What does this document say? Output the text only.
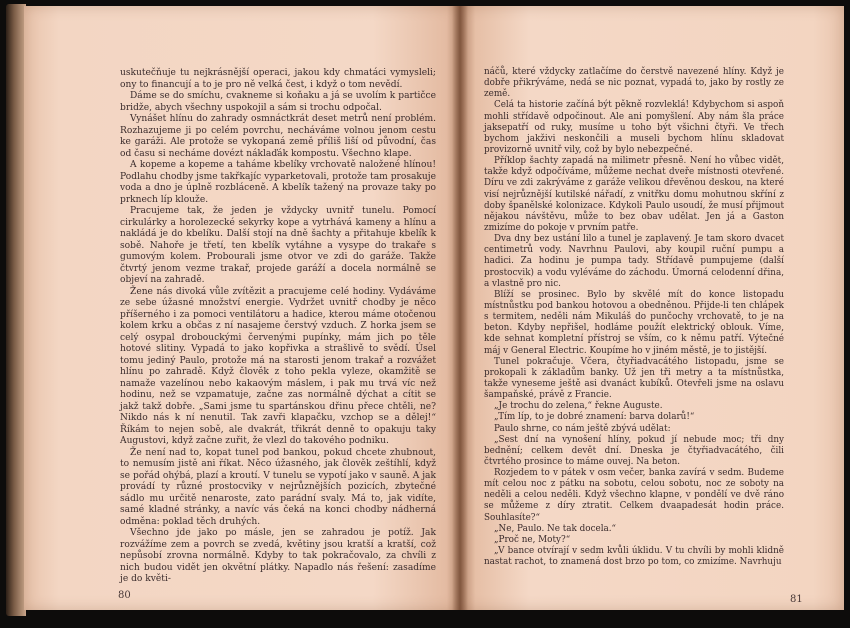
uskutečňuje tu nejkrásnější operaci, jakou kdy chmatáci vymysleli; ony to financují a to je pro ně velká čest, i když o tom nevědí.

Dáme se do smíchu, cvakneme si koňaku a já se uvolím k partičce bridže, abych všechny uspokojil a sám si trochu odpočal.

Vynášet hlínu do zahrady osmnáctkrát deset metrů není problém. Rozhazujeme ji po celém povrchu, necháváme volnou jenom cestu ke garáži. Ale protože se vykopaná země příliš liší od původní, čas od času si necháme dovézt náklaďák kompostu. Všechno klape.

A kopeme a kopeme a taháme kbelíky vrchovatě naložené hlínou! Podlahu chodby jsme takřkajíc vyparketovali, protože tam prosakuje voda a dno je úplně rozbláceně. A kbelík tažený na provaze taky po prknech líp klouže.

Pracujeme tak, že jeden je vždycky uvnitř tunelu. Pomocí cirkulárky a horolezecké sekyrky kope a vytrhává kameny a hlínu a nakládá je do kbelíku. Další stojí na dně šachty a přitahuje kbelík k sobě. Nahoře je třetí, ten kbelík vytáhne a vysype do trakaře s gumovým kolem. Probourali jsme otvor ve zdi do garáže. Takže čtvrtý jenom vezme trakař, projede garáží a docela normálně se objeví na zahradě.

Žene nás divoká vůle zvítězit a pracujeme celé hodiny. Vydáváme ze sebe úžasné množství energie. Vydržet uvnitř chodby je něco příšerného i za pomoci ventilátoru a hadice, kterou máme otočenou kolem krku a občas z ní nasajeme čerstvý vzduch. Z horka jsem se celý osypal drobouckými červenými pupínky, mám jich po těle hotové slitiny. Vypadá to jako kopřivka a strašlivě to svědí. Úsel tomu jediný Paulo, protože má na starosti jenom trakař a rozvážet hlínu po zahradě. Když člověk z toho pekla vyleze, okamžitě se namaže vazelínou nebo kakaovým máslem, i pak mu trvá víc než hodinu, než se vzpamatuje, začne zas normálně dýchat a cítit se jakž takž dobře. „Sami jsme tu spartánskou dřinu přece chtěli, ne? Nikdo nás k ní nenutil. Tak zavři klapačku, vzchop se a dělej!“ Říkám to nejen sobě, ale dvakrát, třikrát denně to opakuju taky Augustovi, když začne zuřit, že vlezl do takového podniku.

Že není nad to, kopat tunel pod bankou, pokud chcete zhubnout, to nemusím jistě ani říkat. Něco úžasného, jak člověk zeštíhlí, když se pořád ohýbá, plazí a kroutí. V tunelu se vypotí jako v sauně. A jak provádí ty různé prostocviky v nejrůznějších pozicích, zbytečné sádlo mu určitě nenaroste, zato parádní svaly. Má to, jak vidíte, samé kladné stránky, a navíc vás čeká na konci chodby nádherná odměna: poklad těch druhých.

Všechno jde jako po másle, jen se zahradou je potíž. Jak rozvážíme zem a povrch se zvedá, květiny jsou kratší a kratší, což nepůsobí zrovna normálně. Kdyby to tak pokračovalo, za chvíli z nich budou vidět jen okvětní plátky. Napadlo nás řešení: zasadíme je do květi-

náčů, které vždycky zatlačíme do čerstvě navezené hlíny. Když je dobře přikrýváme, nedá se nic poznat, vypadá to, jako by rostly ze země.

Celá ta historie začíná být pěkně rozvleklá! Kdybychom si aspoň mohli střídavě odpočinout. Ale ani pomyšlení. Aby nám šla práce jaksepatří od ruky, musíme u toho být všichni čtyři. Ve třech bychom jakživi neskončili a museli bychom hlínu skladovat provizorně uvnitř vily, což by bylo nebezpečné.

Příklop šachty zapadá na milimetr přesně. Není ho vůbec vidět, takže když odpočíváme, můžeme nechat dveře místnosti otevřené. Díru ve zdi zakrýváme z garáže velikou dřevěnou deskou, na které visí nejrůznější kutilské nářadí, z vnitřku domu mohutnou skříní z doby španělské kolonizace. Kdykoli Paulo usoudí, že musí přijmout nějakou návštěvu, může to bez obav udělat. Jen já a Gaston zmizíme do pokoje v prvním patře.

Dva dny bez ustání lilo a tunel je zaplavený. Je tam skoro dvacet centimetrů vody. Navrhnu Paulovi, aby koupil ruční pumpu a hadici. Za hodinu je pumpa tady. Střídavě pumpujeme (další prostocvik) a vodu vyléváme do záchodu. Úmorná celodenní dřina, a vlastně pro nic.

Blíží se prosinec. Bylo by skvělé mít do konce listopadu místnůstku pod bankou hotovou a obedněnou. Přijde-li ten chlápek s termitem, neděli nám Mikuláš do punčochy vrchovatě, to je na beton. Kdyby nepřišel, hodláme použít elektrický oblouk. Víme, kde sehnat kompletní přístroj se vším, co k němu patří. Výtečné máj v General Electric. Koupíme ho v jiném městě, je to jistější.

Tunel pokračuje. Včera, čtyřiadvacátého listopadu, jsme se prokopali k základům banky. Už jen tři metry a ta místnůstka, takže vyneseme ještě asi dvanáct kubíků. Otevřeli jsme na oslavu šampaňské, právě z Francie.

„Je trochu do zelena,“ řekne Auguste.

„Tím líp, to je dobré znamení: barva dolarů!“

Paulo shrne, co nám ještě zbývá udělat:

„Sest dní na vynošení hlíny, pokud jí nebude moc; tři dny bednění; celkem devět dní. Dneska je čtyřiadvacátého, čili čtvrtého prosince to máme ouvej. Na beton.

Rozjedem to v pátek v osm večer, banka zavírá v sedm. Budeme mít celou noc z pátku na sobotu, celou sobotu, noc ze soboty na neděli a celou neděli. Když všechno klapne, v pondělí ve dvě ráno se můžeme z díry ztratit. Celkem dvaapadesát hodin práce. Souhlasíte?“

„Ne, Paulo. Ne tak docela.“

„Proč ne, Moty?“

„V bance otvírají v sedm kvůli úklidu. V tu chvíli by mohli klidně nastat rachot, to znamená dost brzo po tom, co zmizíme. Navrhuju

80	81
